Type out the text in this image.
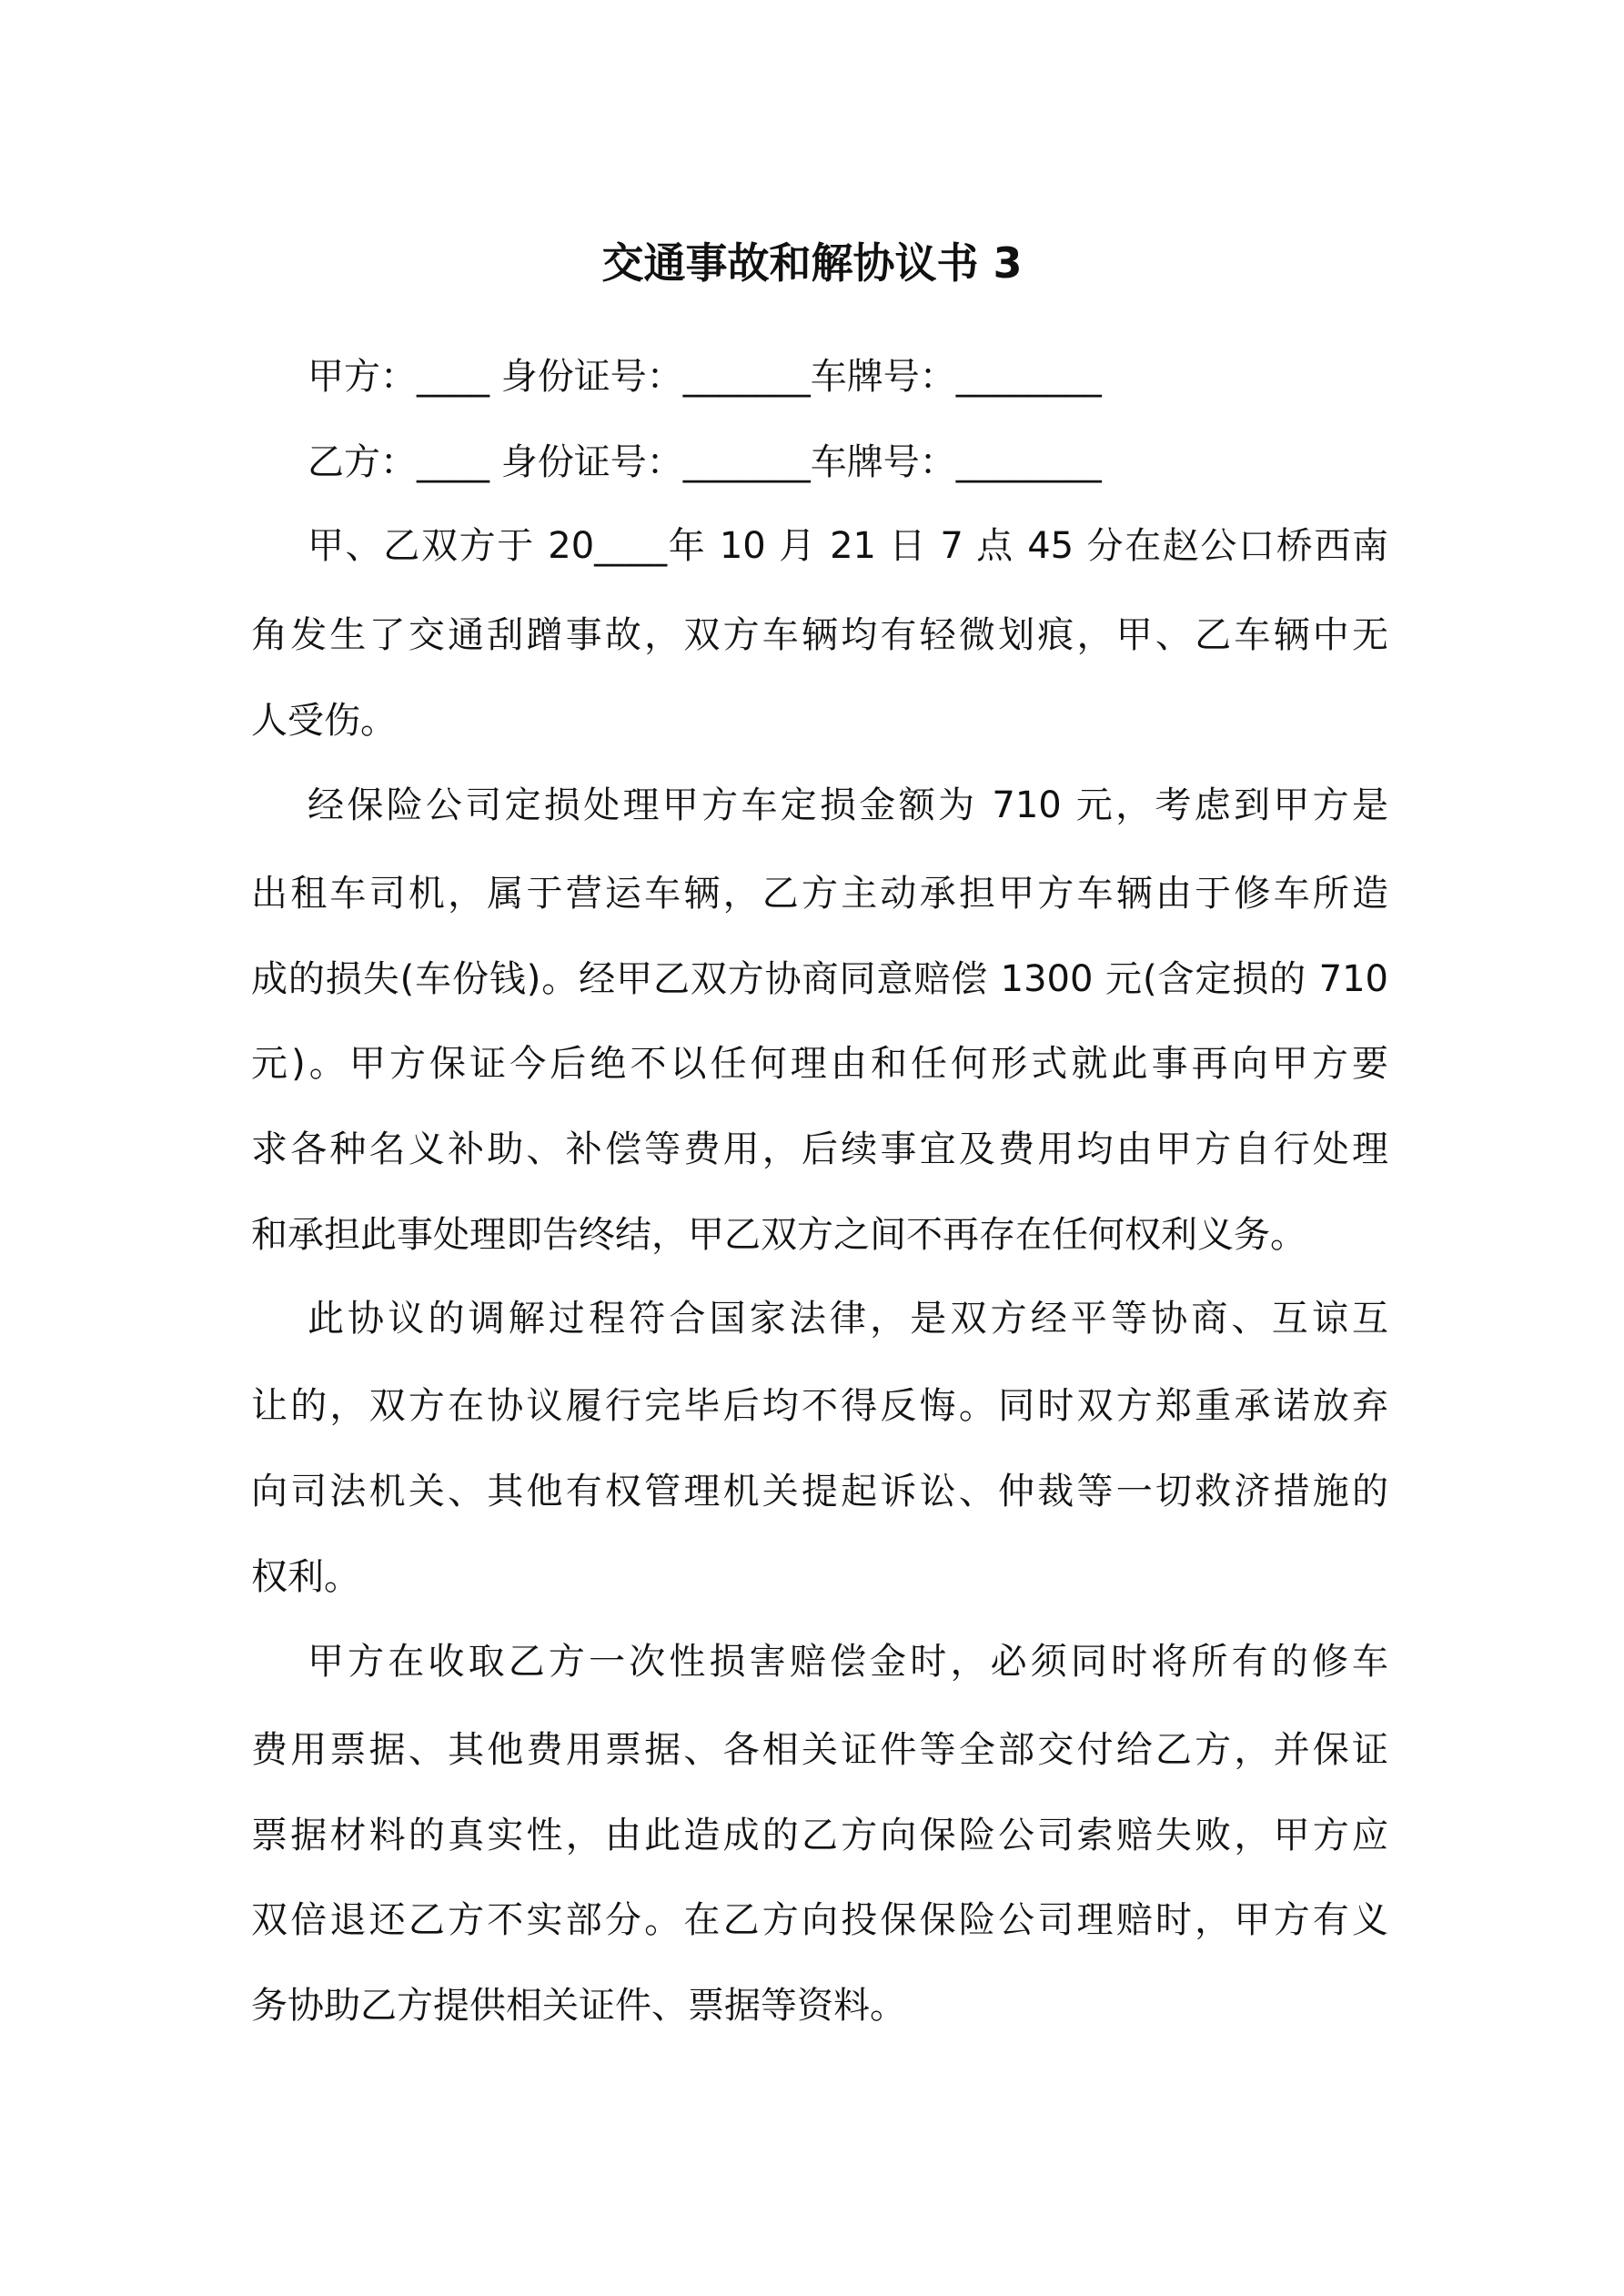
交通事故和解协议书 3
甲方：____ 身份证号：_______车牌号：________
乙方：____ 身份证号：_______车牌号：________
甲、乙双方于 20____年 10 月 21 日 7 点 45 分在赵公口桥西南
角发生了交通刮蹭事故，双方车辆均有轻微划痕，甲、乙车辆中无
人受伤。
经保险公司定损处理甲方车定损金额为 710 元，考虑到甲方是
出租车司机，属于营运车辆，乙方主动承担甲方车辆由于修车所造
成的损失(车份钱)。经甲乙双方协商同意赔偿 1300 元(含定损的 710
元)。甲方保证今后绝不以任何理由和任何形式就此事再向甲方要
求各种名义补助、补偿等费用，后续事宜及费用均由甲方自行处理
和承担此事处理即告终结，甲乙双方之间不再存在任何权利义务。
此协议的调解过程符合国家法律，是双方经平等协商、互谅互
让的，双方在协议履行完毕后均不得反悔。同时双方郑重承诺放弃
向司法机关、其他有权管理机关提起诉讼、仲裁等一切救济措施的
权利。
甲方在收取乙方一次性损害赔偿金时，必须同时将所有的修车
费用票据、其他费用票据、各相关证件等全部交付给乙方，并保证
票据材料的真实性，由此造成的乙方向保险公司索赔失败，甲方应
双倍退还乙方不实部分。在乙方向投保保险公司理赔时，甲方有义
务协助乙方提供相关证件、票据等资料。
